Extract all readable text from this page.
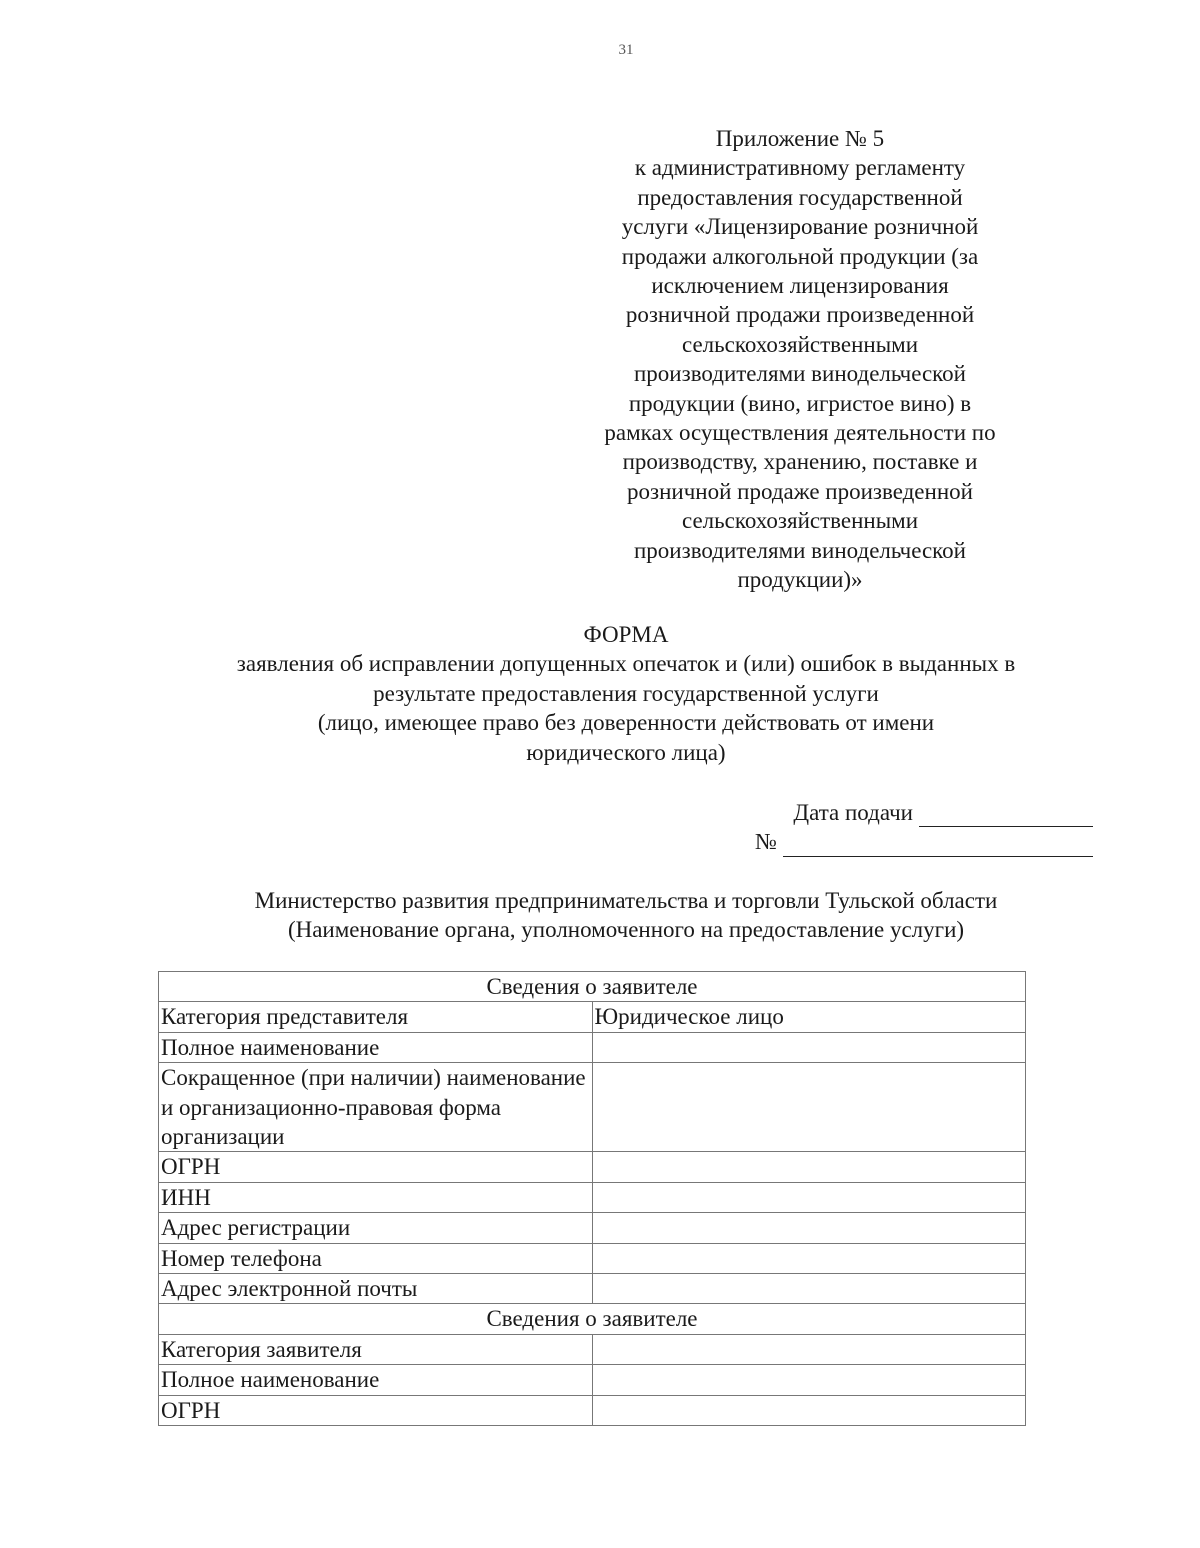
31
Приложение № 5
к административному регламенту
предоставления государственной
услуги «Лицензирование розничной
продажи алкогольной продукции (за
исключением лицензирования
розничной продажи произведенной
сельскохозяйственными
производителями винодельческой
продукции (вино, игристое вино) в
рамках осуществления деятельности по
производству, хранению, поставке и
розничной продаже произведенной
сельскохозяйственными
производителями винодельческой
продукции)»
ФОРМА
заявления об исправлении допущенных опечаток и (или) ошибок в выданных в
результате предоставления государственной услуги
(лицо, имеющее право без доверенности действовать от имени
юридического лица)
Дата подачи
№
Министерство развития предпринимательства и торговли Тульской области
(Наименование органа, уполномоченного на предоставление услуги)
Сведения о заявителе	
Категория представителя	Юридическое лицо
Полное наименование	
Сокращенное (при наличии) наименование и организационно-правовая форма организации	
ОГРН	
ИНН	
Адрес регистрации	
Номер телефона	
Адрес электронной почты	
Сведения о заявителе	
Категория заявителя	
Полное наименование	
ОГРН	
